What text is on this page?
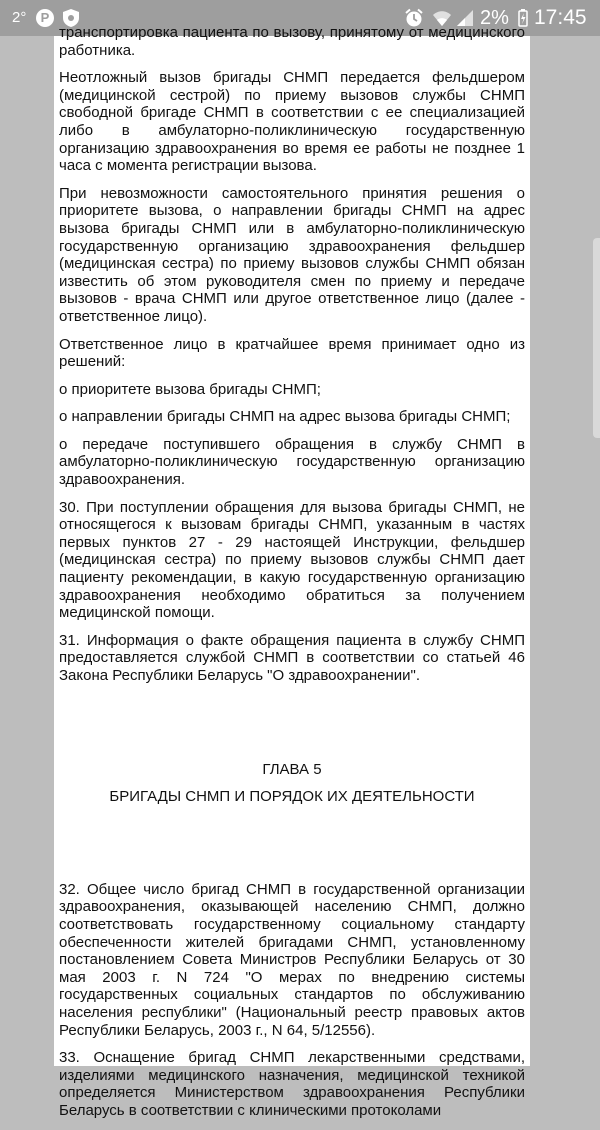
2°	P	2% 17:45

транспортировка пациента по вызову, принятому от медицинского работника.

Неотложный вызов бригады СНМП передается фельдшером (медицинской сестрой) по приему вызовов службы СНМП свободной бригаде СНМП в соответствии с ее специализацией либо в амбулаторно-поликлиническую государственную организацию здравоохранения во время ее работы не позднее 1 часа с момента регистрации вызова.

При невозможности самостоятельного принятия решения о приоритете вызова, о направлении бригады СНМП на адрес вызова бригады СНМП или в амбулаторно-поликлиническую государственную организацию здравоохранения фельдшер (медицинская сестра) по приему вызовов службы СНМП обязан известить об этом руководителя смен по приему и передаче вызовов - врача СНМП или другое ответственное лицо (далее - ответственное лицо).

Ответственное лицо в кратчайшее время принимает одно из решений:

о приоритете вызова бригады СНМП;

о направлении бригады СНМП на адрес вызова бригады СНМП;

о передаче поступившего обращения в службу СНМП в амбулаторно-поликлиническую государственную организацию здравоохранения.

30. При поступлении обращения для вызова бригады СНМП, не относящегося к вызовам бригады СНМП, указанным в частях первых пунктов 27 - 29 настоящей Инструкции, фельдшер (медицинская сестра) по приему вызовов службы СНМП дает пациенту рекомендации, в какую государственную организацию здравоохранения необходимо обратиться за получением медицинской помощи.

31. Информация о факте обращения пациента в службу СНМП предоставляется службой СНМП в соответствии со статьей 46 Закона Республики Беларусь "О здравоохранении".

ГЛАВА 5
БРИГАДЫ СНМП И ПОРЯДОК ИХ ДЕЯТЕЛЬНОСТИ

32. Общее число бригад СНМП в государственной организации здравоохранения, оказывающей населению СНМП, должно соответствовать государственному социальному стандарту обеспеченности жителей бригадами СНМП, установленному постановлением Совета Министров Республики Беларусь от 30 мая 2003 г. N 724 "О мерах по внедрению системы государственных социальных стандартов по обслуживанию населения республики" (Национальный реестр правовых актов Республики Беларусь, 2003 г., N 64, 5/12556).

33. Оснащение бригад СНМП лекарственными средствами, изделиями медицинского назначения, медицинской техникой определяется Министерством здравоохранения Республики Беларусь в соответствии с клиническими протоколами
